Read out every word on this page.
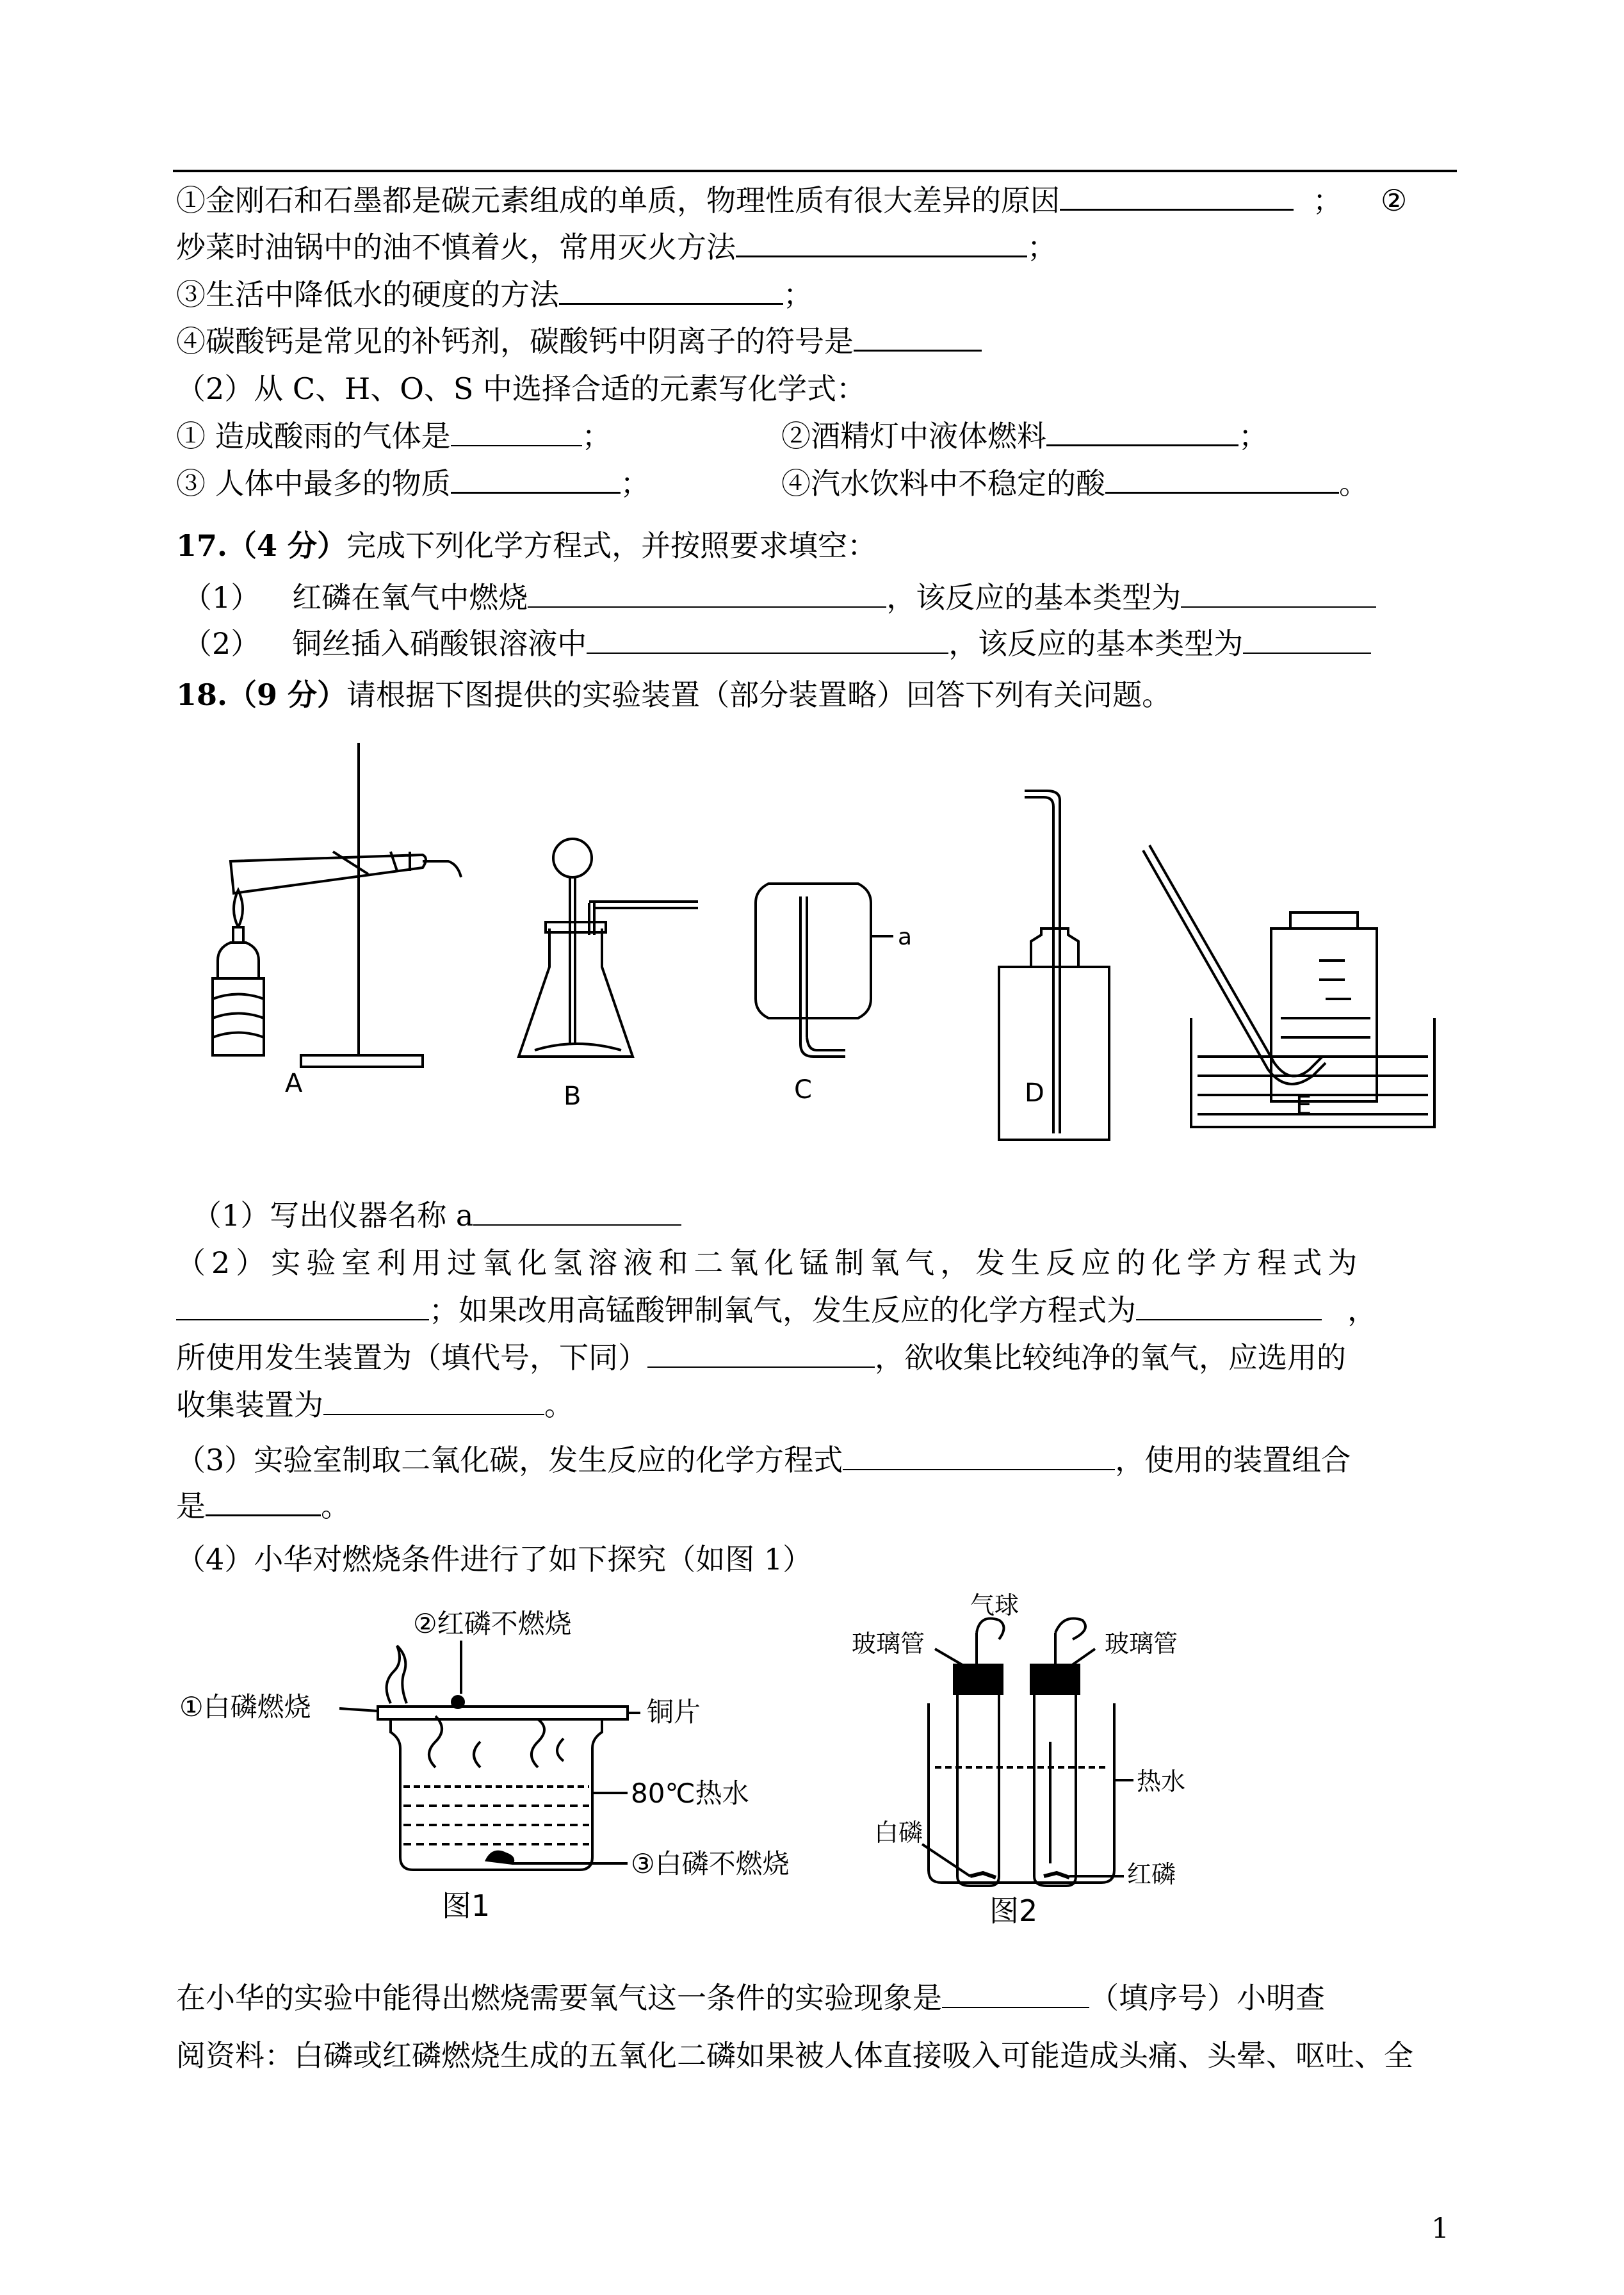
①金刚石和石墨都是碳元素组成的单质，物理性质有很大差异的原因	； ②
炒菜时油锅中的油不慎着火，常用灭火方法	；
③生活中降低水的硬度的方法	；
④碳酸钙是常见的补钙剂，碳酸钙中阴离子的符号是
（2）从 C、H、O、S 中选择合适的元素写化学式：
① 造成酸雨的气体是	；	②酒精灯中液体燃料	；
③ 人体中最多的物质	；	④汽水饮料中不稳定的酸	。
17.（4 分）完成下列化学方程式，并按照要求填空：
（1） 红磷在氧气中燃烧	，该反应的基本类型为
（2） 铜丝插入硝酸银溶液中	，该反应的基本类型为
18.（9 分）请根据下图提供的实验装置（部分装置略）回答下列有关问题。
A	B	C	D	E
a
（1）写出仪器名称 a
（2）实验室利用过氧化氢溶液和二氧化锰制氧气，发生反应的化学方程式为
；如果改用高锰酸钾制氧气，发生反应的化学方程式为	，
所使用发生装置为（填代号，下同）	，欲收集比较纯净的氧气，应选用的
收集装置为	。
（3）实验室制取二氧化碳，发生反应的化学方程式	，使用的装置组合
是	。
（4）小华对燃烧条件进行了如下探究（如图 1）
①白磷燃烧
②红磷不燃烧
铜片
80℃热水
③白磷不燃烧
图1
气球
玻璃管	玻璃管
热水
白磷
红磷
图2
在小华的实验中能得出燃烧需要氧气这一条件的实验现象是	（填序号）小明查
阅资料：白磷或红磷燃烧生成的五氧化二磷如果被人体直接吸入可能造成头痛、头晕、呕吐、全
1
